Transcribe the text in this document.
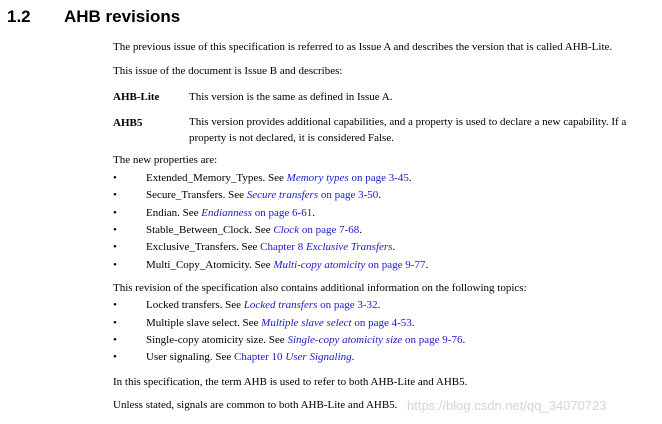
1.2 AHB revisions
The previous issue of this specification is referred to as Issue A and describes the version that is called AHB-Lite.
This issue of the document is Issue B and describes:
AHB-Lite	This version is the same as defined in Issue A.
AHB5	This version provides additional capabilities, and a property is used to declare a new capability. If a property is not declared, it is considered False.
The new properties are:
•	Extended_Memory_Types. See Memory types on page 3-45.
•	Secure_Transfers. See Secure transfers on page 3-50.
•	Endian. See Endianness on page 6-61.
•	Stable_Between_Clock. See Clock on page 7-68.
•	Exclusive_Transfers. See Chapter 8 Exclusive Transfers.
•	Multi_Copy_Atomicity. See Multi-copy atomicity on page 9-77.
This revision of the specification also contains additional information on the following topics:
•	Locked transfers. See Locked transfers on page 3-32.
•	Multiple slave select. See Multiple slave select on page 4-53.
•	Single-copy atomicity size. See Single-copy atomicity size on page 9-76.
•	User signaling. See Chapter 10 User Signaling.
In this specification, the term AHB is used to refer to both AHB-Lite and AHB5.
Unless stated, signals are common to both AHB-Lite and AHB5. https://blog.csdn.net/qq_34070723
